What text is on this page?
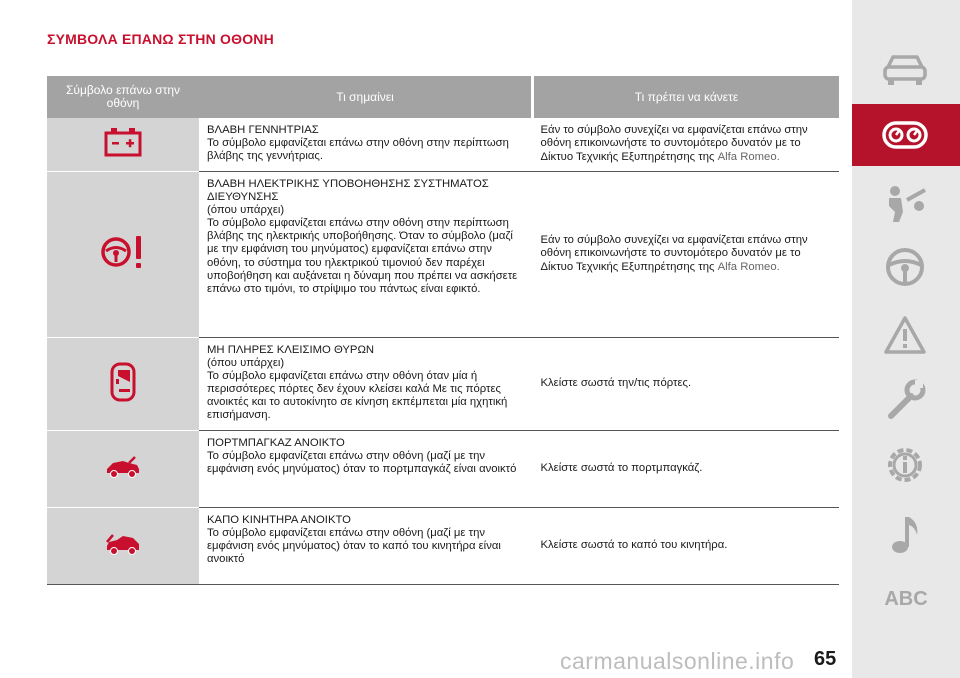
ΣΥΜΒΟΛΑ ΕΠΑΝΩ ΣΤΗΝ ΟΘΟΝΗ
Σύμβολο επάνω στην οθόνη	Τι σημαίνει	Τι πρέπει να κάνετε
	ΒΛΑΒΗ ΓΕΝΝΗΤΡΙΑΣ
Το σύμβολο εμφανίζεται επάνω στην οθόνη στην περίπτωση βλάβης της γεννήτριας.	Εάν το σύμβολο συνεχίζει να εμφανίζεται επάνω στην οθόνη επικοινωνήστε το συντομότερο δυνατόν με το Δίκτυο Τεχνικής Εξυπηρέτησης της Alfa Romeo.
	ΒΛΑΒΗ ΗΛΕΚΤΡΙΚΗΣ ΥΠΟΒΟΗΘΗΣΗΣ ΣΥΣΤΗΜΑΤΟΣ ΔΙΕΥΘΥΝΣΗΣ
(όπου υπάρχει)
Το σύμβολο εμφανίζεται επάνω στην οθόνη στην περίπτωση βλάβης της ηλεκτρικής υποβοήθησης. Όταν το σύμβολο (μαζί με την εμφάνιση του μηνύματος) εμφανίζεται επάνω στην οθόνη, το σύστημα του ηλεκτρικού τιμονιού δεν παρέχει υποβοήθηση και αυξάνεται η δύναμη που πρέπει να ασκήσετε επάνω στο τιμόνι, το στρίψιμο του πάντως είναι εφικτό.	Εάν το σύμβολο συνεχίζει να εμφανίζεται επάνω στην οθόνη επικοινωνήστε το συντομότερο δυνατόν με το Δίκτυο Τεχνικής Εξυπηρέτησης της Alfa Romeo.
	ΜΗ ΠΛΗΡΕΣ ΚΛΕΙΣΙΜΟ ΘΥΡΩΝ
(όπου υπάρχει)
Το σύμβολο εμφανίζεται επάνω στην οθόνη όταν μία ή περισσότερες πόρτες δεν έχουν κλείσει καλά Με τις πόρτες ανοικτές και το αυτοκίνητο σε κίνηση εκπέμπεται μία ηχητική επισήμανση.	Κλείστε σωστά την/τις πόρτες.
	ΠΟΡΤΜΠΑΓΚΑΖ ΑΝΟΙΚΤΟ
Το σύμβολο εμφανίζεται επάνω στην οθόνη (μαζί με την εμφάνιση ενός μηνύματος) όταν το πορτμπαγκάζ είναι ανοικτό	Κλείστε σωστά το πορτμπαγκάζ.
	ΚΑΠΟ ΚΙΝΗΤΗΡΑ ΑΝΟΙΚΤΟ
Το σύμβολο εμφανίζεται επάνω στην οθόνη (μαζί με την εμφάνιση ενός μηνύματος) όταν το καπό του κινητήρα είναι ανοικτό	Κλείστε σωστά το καπό του κινητήρα.
ABC
carmanualsonline.info 65
